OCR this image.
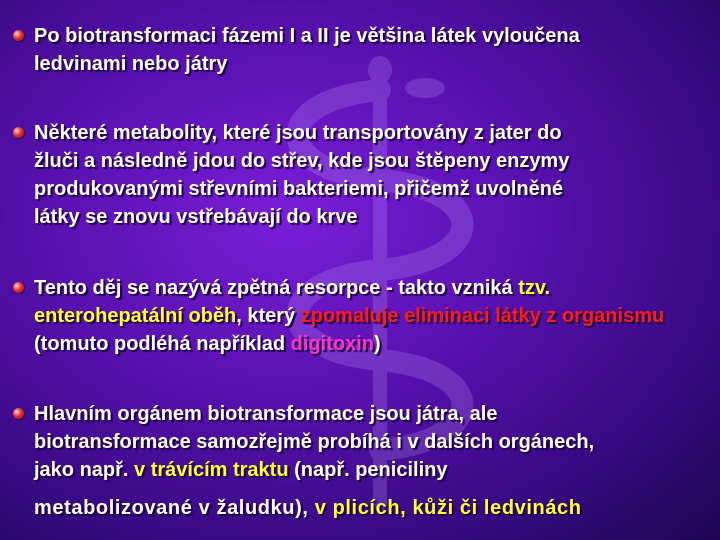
Po biotransformaci fázemi I a II je většina látek vyloučena
ledvinami nebo játry
Některé metabolity, které jsou transportovány z jater do
žluči a následně jdou do střev, kde jsou štěpeny enzymy
produkovanými střevními bakteriemi, přičemž uvolněné
látky se znovu vstřebávají do krve
Tento děj se nazývá zpětná resorpce - takto vzniká tzv. enterohepatální oběh, který zpomaluje eliminaci látky z organismu (tomuto podléhá například digitoxin)
Hlavním orgánem biotransformace jsou játra, ale
biotransformace samozřejmě probíhá i v dalších orgánech,
jako např. v trávícím traktu (např. peniciliny
metabolizované v žaludku), v plicích, kůži či ledvinách
